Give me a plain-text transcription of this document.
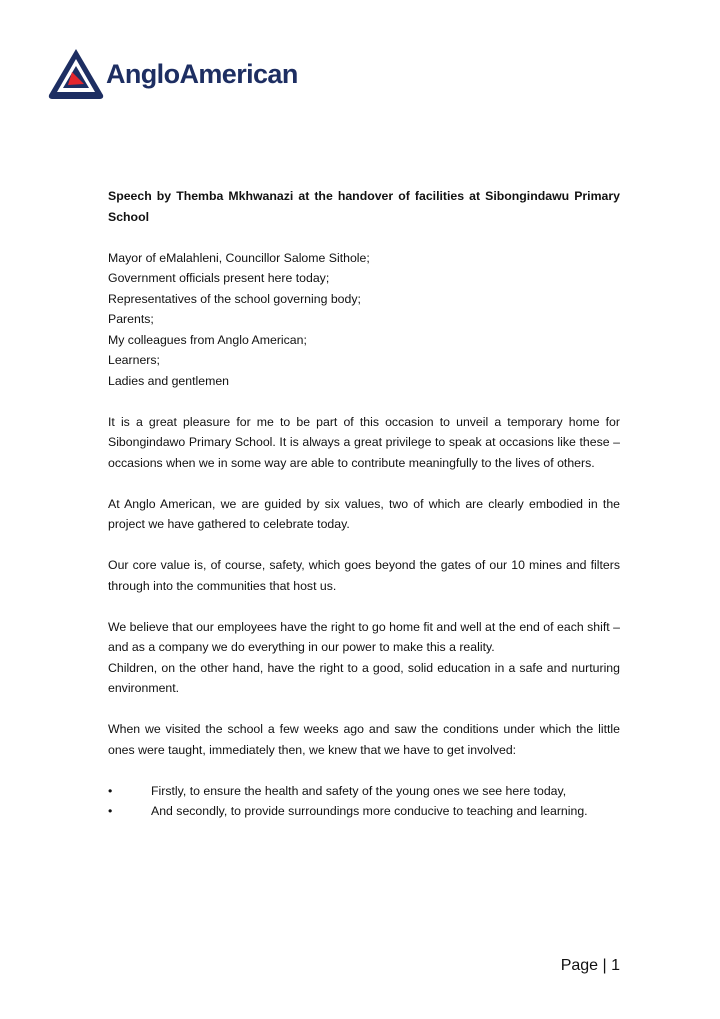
AngloAmerican
Speech by Themba Mkhwanazi at the handover of facilities at Sibongindawu Primary School
Mayor of eMalahleni, Councillor Salome Sithole;
Government officials present here today;
Representatives of the school governing body;
Parents;
My colleagues from Anglo American;
Learners;
Ladies and gentlemen

It is a great pleasure for me to be part of this occasion to unveil a temporary home for Sibongindawo Primary School. It is always a great privilege to speak at occasions like these – occasions when we in some way are able to contribute meaningfully to the lives of others.

At Anglo American, we are guided by six values, two of which are clearly embodied in the project we have gathered to celebrate today.

Our core value is, of course, safety, which goes beyond the gates of our 10 mines and filters through into the communities that host us.

We believe that our employees have the right to go home fit and well at the end of each shift – and as a company we do everything in our power to make this a reality.
Children, on the other hand, have the right to a good, solid education in a safe and nurturing environment.

When we visited the school a few weeks ago and saw the conditions under which the little ones were taught, immediately then, we knew that we have to get involved:

•	Firstly, to ensure the health and safety of the young ones we see here today,
•	And secondly, to provide surroundings more conducive to teaching and learning.
Page | 1
